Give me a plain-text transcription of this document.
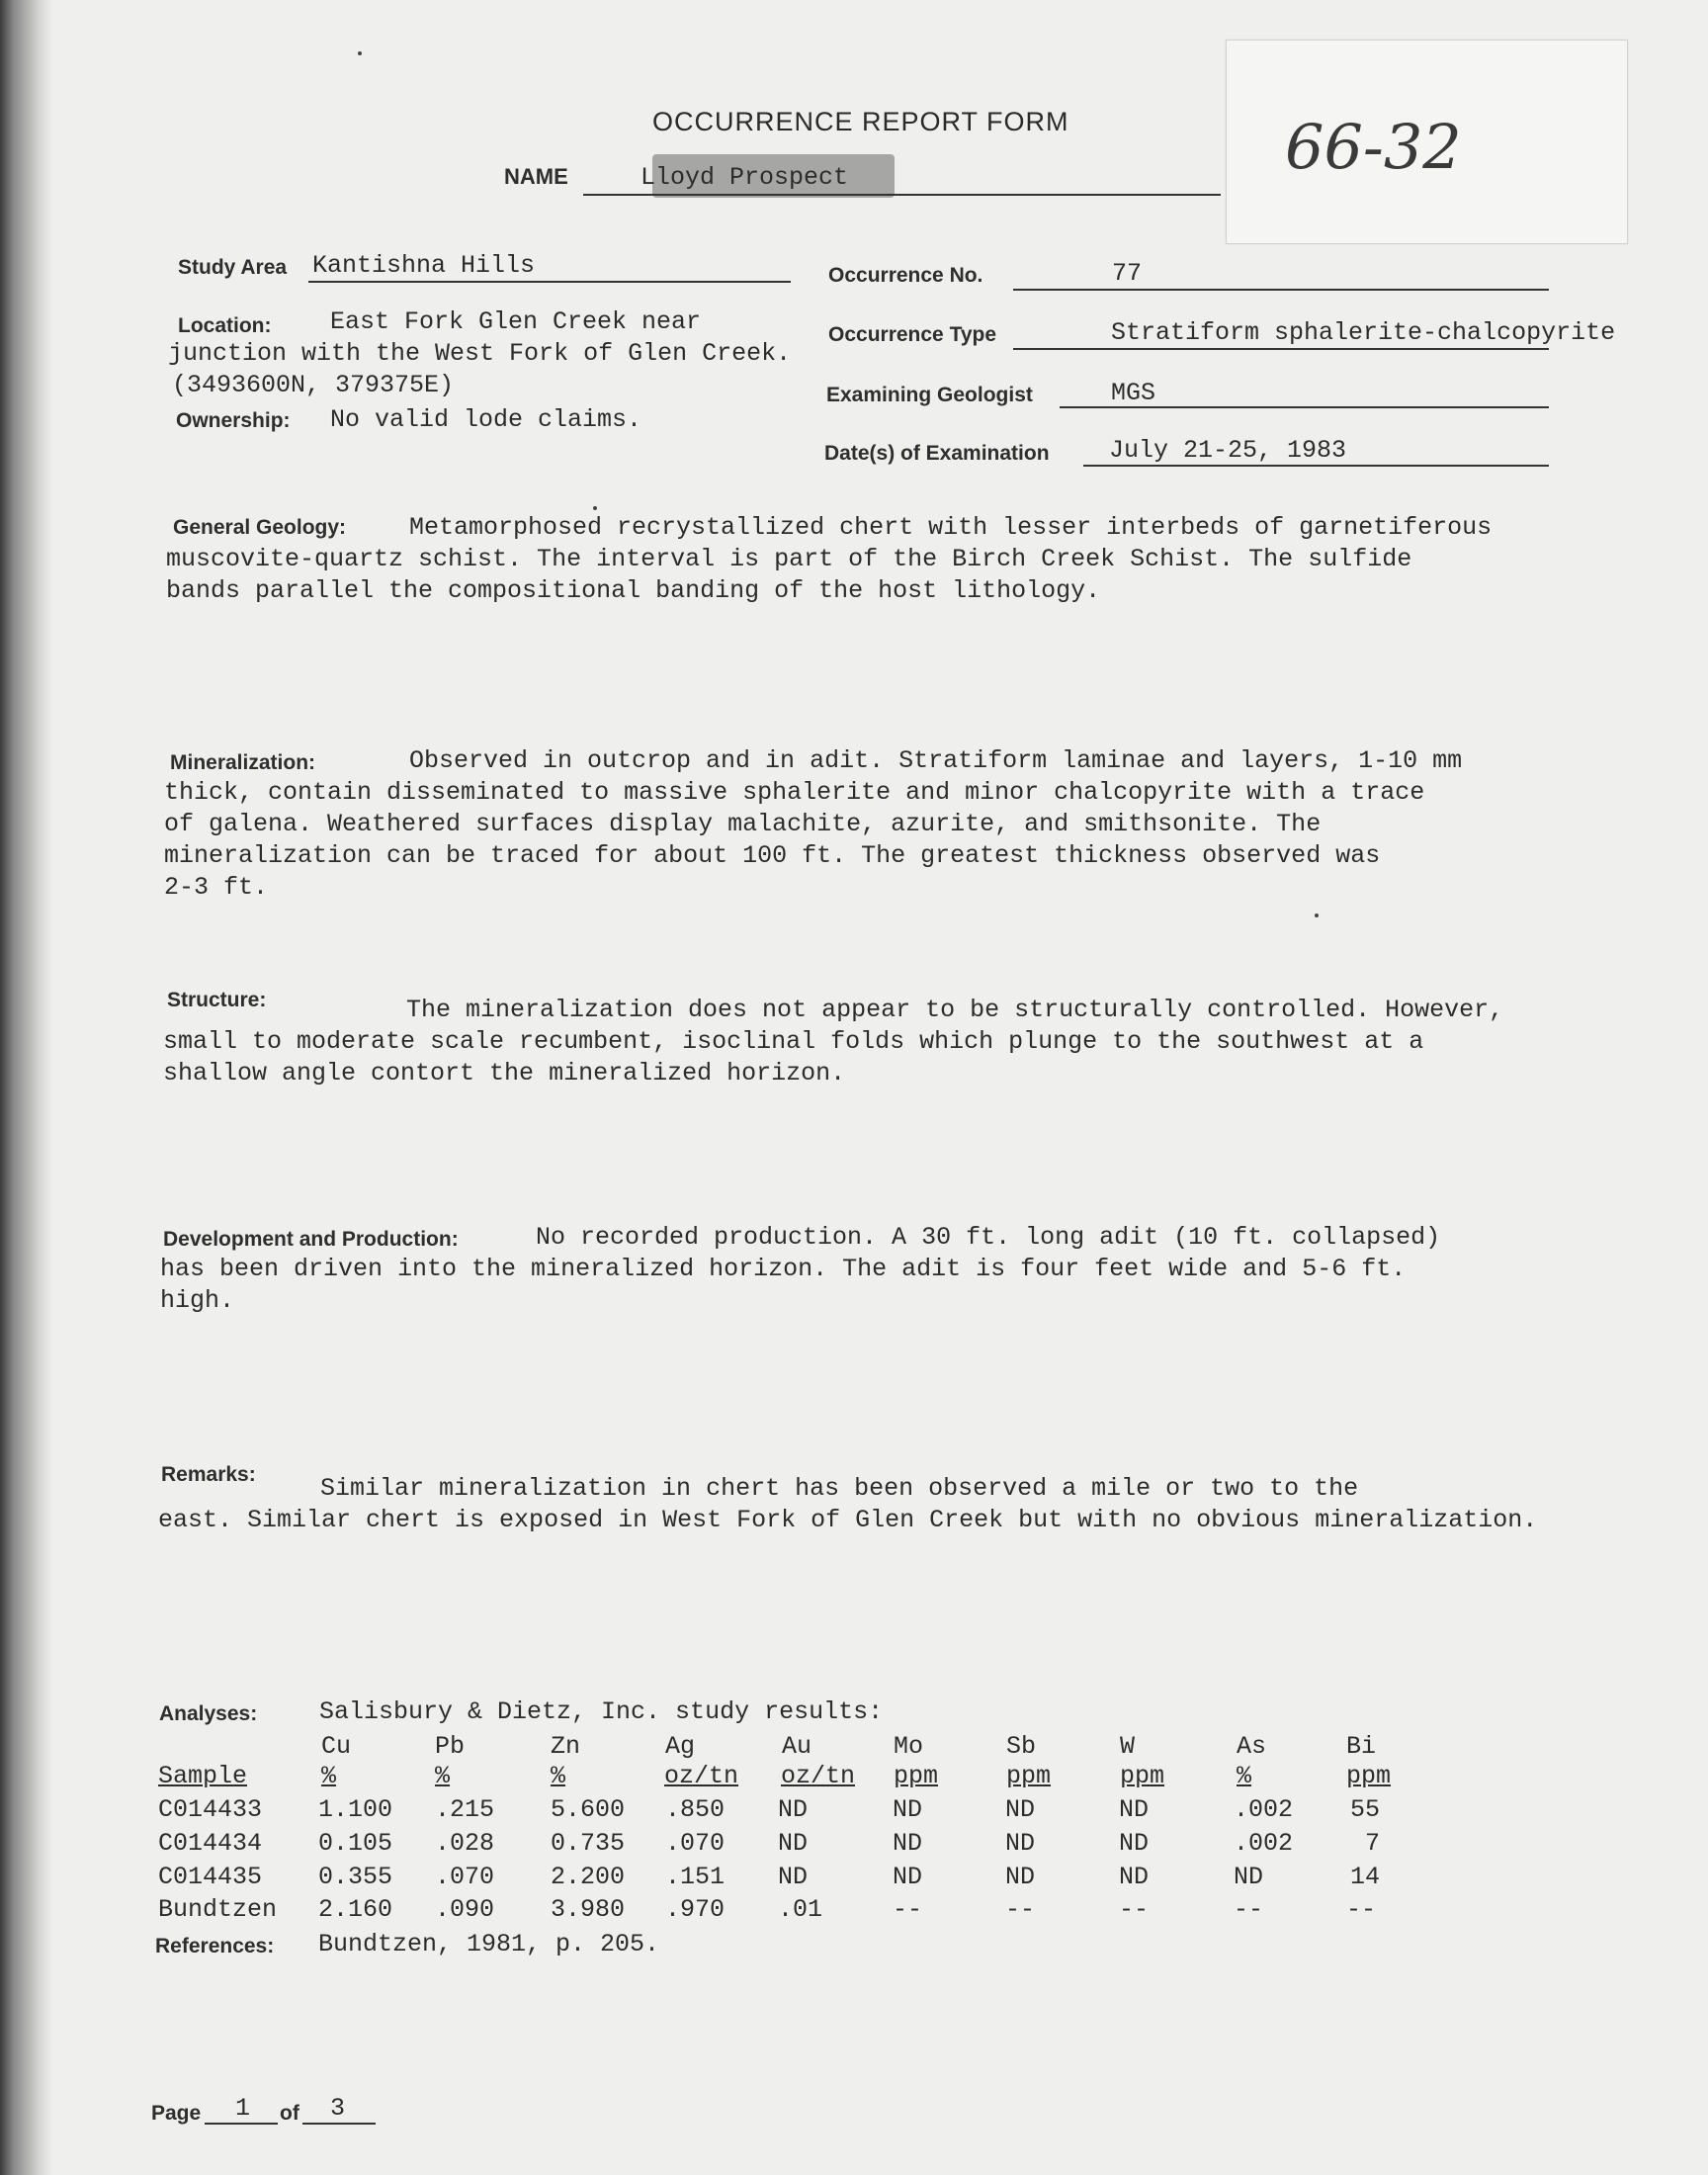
66-32
OCCURRENCE REPORT FORM
NAME	Lloyd Prospect
Study Area Kantishna Hills	Occurrence No.	77
Location: East Fork Glen Creek near
junction with the West Fork of Glen Creek.
(3493600N, 379375E)
Occurrence Type	Stratiform sphalerite-chalcopyrite
Examining Geologist	MGS
Ownership: No valid lode claims.
Date(s) of Examination July 21-25, 1983
General Geology:	Metamorphosed recrystallized chert with lesser interbeds of garnetiferous
muscovite-quartz schist. The interval is part of the Birch Creek Schist. The sulfide
bands parallel the compositional banding of the host lithology.
Mineralization:	Observed in outcrop and in adit. Stratiform laminae and layers, 1-10 mm
thick, contain disseminated to massive sphalerite and minor chalcopyrite with a trace
of galena. Weathered surfaces display malachite, azurite, and smithsonite. The
mineralization can be traced for about 100 ft. The greatest thickness observed was
2-3 ft.
Structure:	The mineralization does not appear to be structurally controlled. However,
small to moderate scale recumbent, isoclinal folds which plunge to the southwest at a
shallow angle contort the mineralized horizon.
Development and Production:	No recorded production. A 30 ft. long adit (10 ft. collapsed)
has been driven into the mineralized horizon. The adit is four feet wide and 5-6 ft.
high.
Remarks:	Similar mineralization in chert has been observed a mile or two to the
east. Similar chert is exposed in West Fork of Glen Creek but with no obvious mineralization.
Analyses:	Salisbury & Dietz, Inc. study results:
Cu	Pb	Zn	Ag	Au	Mo	Sb	W	As	Bi
Sample	%	%	%	oz/tn oz/tn ppm	ppm	ppm	%	ppm
C014433 1.100 .215 5.600 .850 ND	ND	ND	ND	.002 55
C014434 0.105 .028 0.735 .070 ND	ND	ND	ND	.002	7
C014435 0.355 .070 2.200 .151 ND	ND	ND	ND	ND	14
Bundtzen 2.160 .090 3.980 .970 .01	--	--	--	--	--
References: Bundtzen, 1981, p. 205.
Page 1 of 3
